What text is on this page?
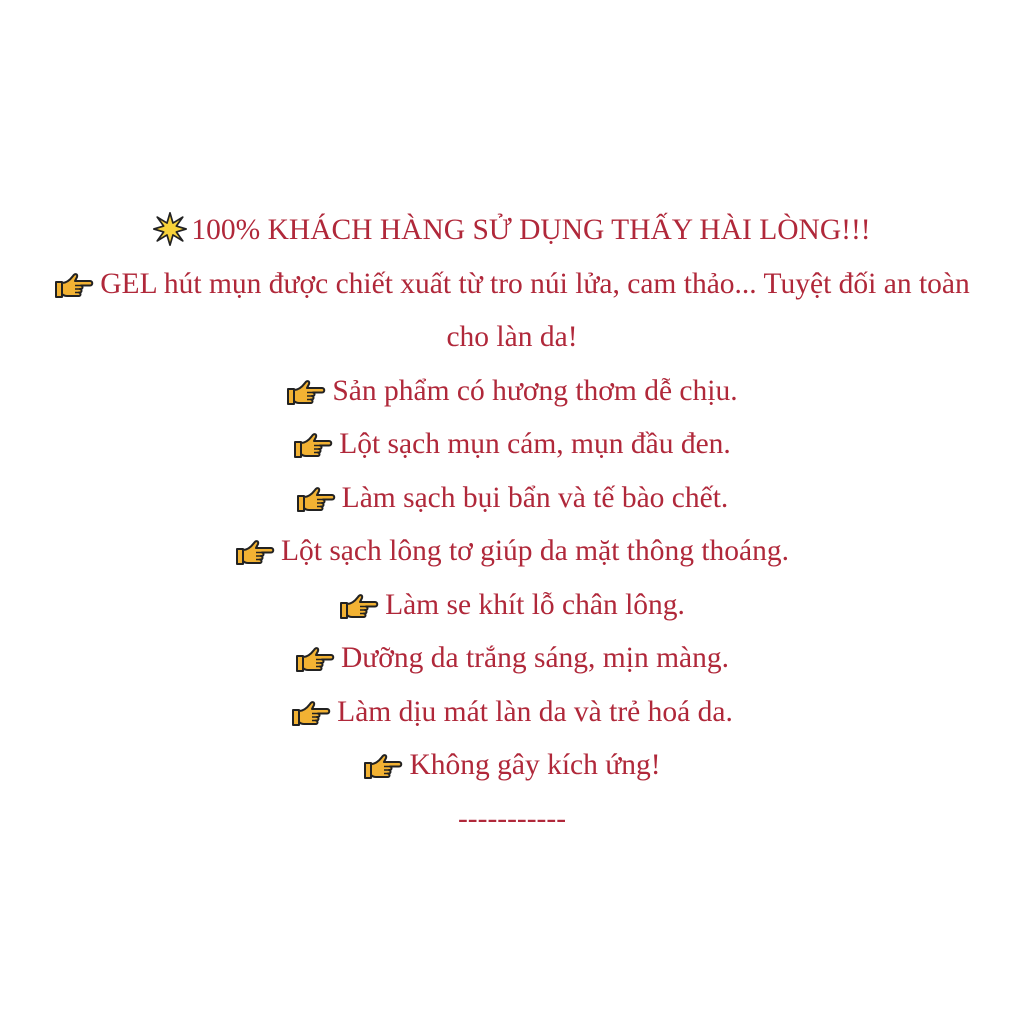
100% KHÁCH HÀNG SỬ DỤNG THẤY HÀI LÒNG!!!
GEL hút mụn được chiết xuất từ tro núi lửa, cam thảo... Tuyệt đối an toàn cho làn da!
Sản phẩm có hương thơm dễ chịu.
Lột sạch mụn cám, mụn đầu đen.
Làm sạch bụi bẩn và tế bào chết.
Lột sạch lông tơ giúp da mặt thông thoáng.
Làm se khít lỗ chân lông.
Dưỡng da trắng sáng, mịn màng.
Làm dịu mát làn da và trẻ hoá da.
Không gây kích ứng!
-----------
